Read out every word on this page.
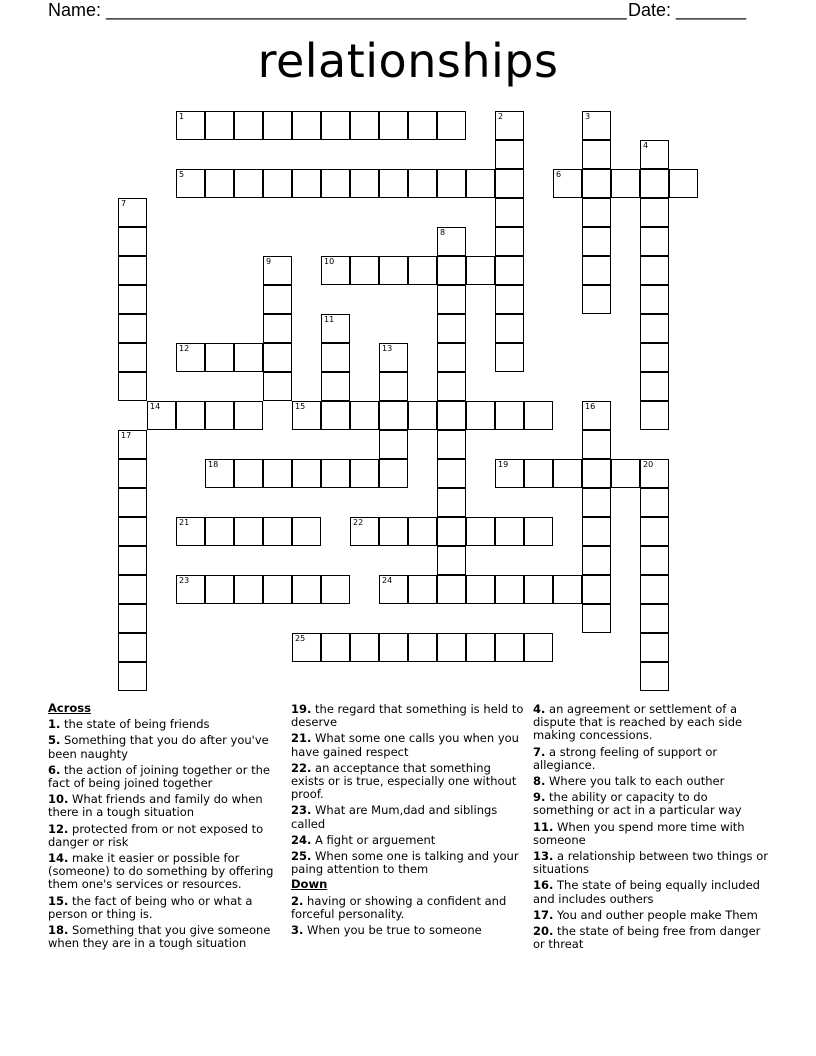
Name: ____________________________________________________ Date: _______
relationships
1
5	6
10
12
14	15
18	19	20
21	22
23	24
25
2	3
4
7
8
9
11
13
16
17
Across
1. the state of being friends
5. Something that you do after you've been naughty
6. the action of joining together or the fact of being joined together
10. What friends and family do when there in a tough situation
12. protected from or not exposed to danger or risk
14. make it easier or possible for (someone) to do something by offering them one's services or resources.
15. the fact of being who or what a person or thing is.
18. Something that you give someone when they are in a tough situation
19. the regard that something is held to deserve
21. What some one calls you when you have gained respect
22. an acceptance that something exists or is true, especially one without proof.
23. What are Mum,dad and siblings called
24. A fight or arguement
25. When some one is talking and your paing attention to them
Down
2. having or showing a confident and forceful personality.
3. When you be true to someone
4. an agreement or settlement of a dispute that is reached by each side making concessions.
7. a strong feeling of support or allegiance.
8. Where you talk to each outher
9. the ability or capacity to do something or act in a particular way
11. When you spend more time with someone
13. a relationship between two things or situations
16. The state of being equally included and includes outhers
17. You and outher people make Them
20. the state of being free from danger or threat
